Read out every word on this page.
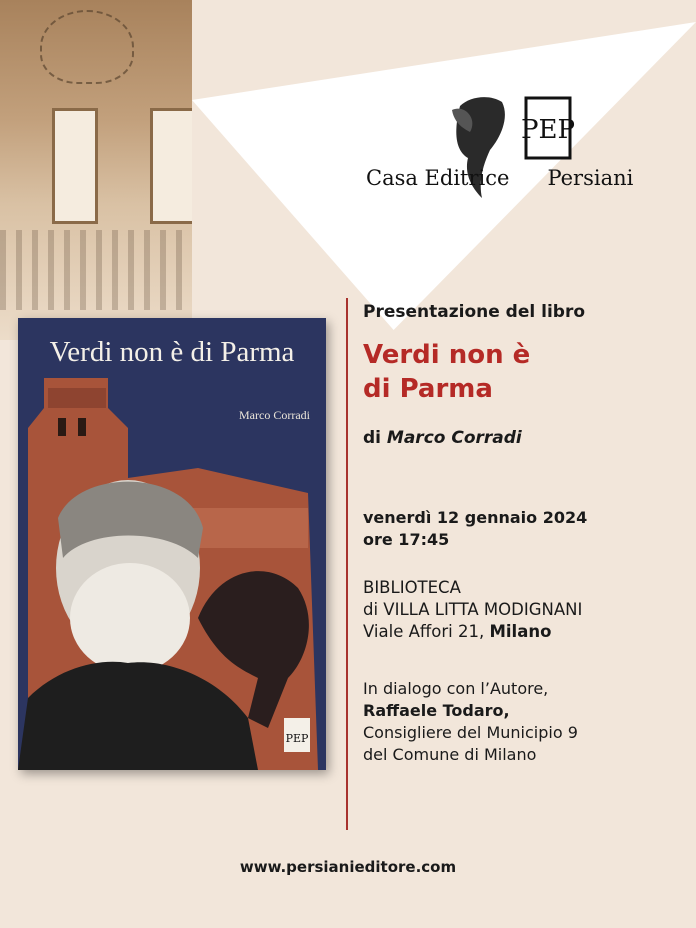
PEP
Casa Editrice Persiani
PEP
Verdi non è di Parma
Marco Corradi
Presentazione del libro
Verdi non è
di Parma
di Marco Corradi
venerdì 12 gennaio 2024
ore 17:45
BIBLIOTECA
di VILLA LITTA MODIGNANI
Viale Affori 21, Milano
In dialogo con l’Autore,
Raffaele Todaro,
Consigliere del Municipio 9
del Comune di Milano
www.persianieditore.com
